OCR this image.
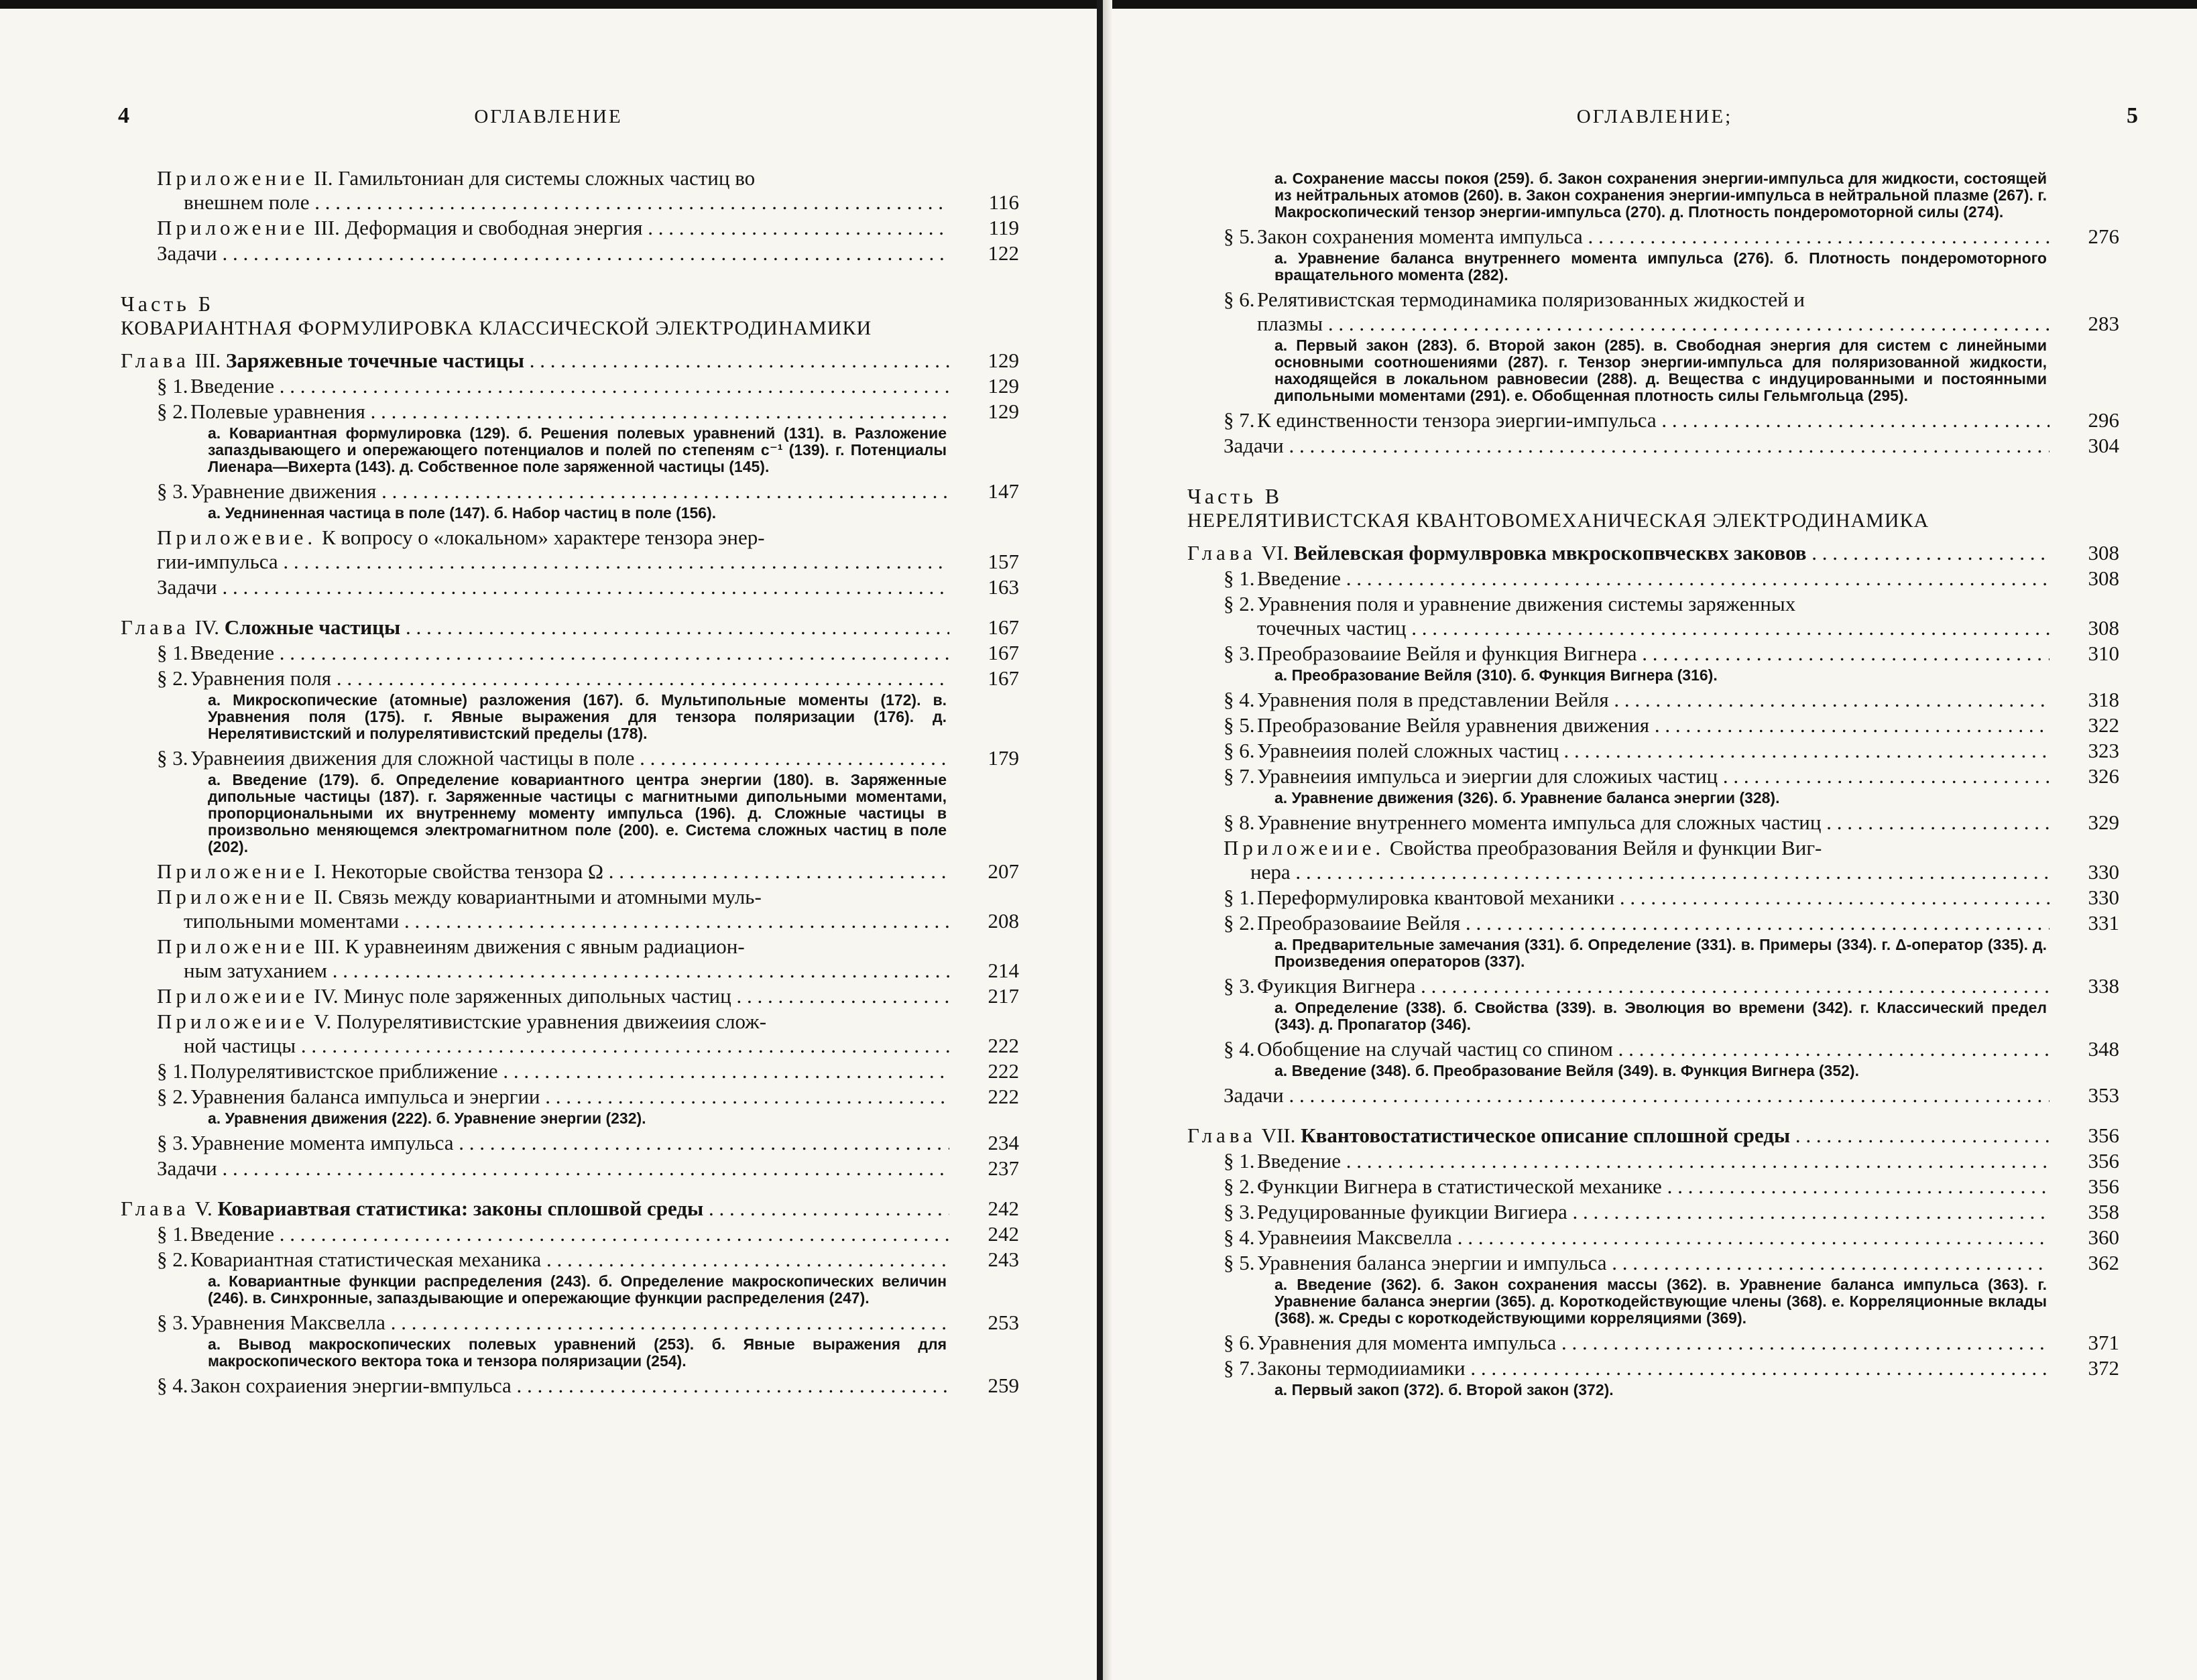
4	ОГЛАВЛЕНИЕ
Приложение II. Гамильтониан для системы сложных частиц во
внешнем поле . . .	116
Приложение III. Деформация и свободная энергия . . .	119
Задачи . . .	122
Часть Б
КОВАРИАНТНАЯ ФОРМУЛИРОВКА КЛАССИЧЕСКОЙ ЭЛЕКТРОДИНАМИКИ
Глава III. Заряжевные точечные частицы . . .	129
§ 1. Введение . . .	129
§ 2. Полевые уравнения . . .	129
а. Ковариантная формулировка (129). б. Решения полевых уравнений (131). в. Разложение запаздывающего и опережающего потенциалов и полей по степеням c⁻¹ (139). г. Потенциалы Лиенара—Вихерта (143). д. Собственное поле заряженной частицы (145).
§ 3. Уравнение движения . . .	147
а. Уедниненная частица в поле (147). б. Набор частиц в поле (156).
Приложевие. К вопросу о «локальном» характере тензора энер-
гии-импульса . . .	157
Задачи . . .	163
Глава IV. Сложные частицы . . .	167
§ 1. Введение . . .	167
§ 2. Уравнения поля . . .	167
а. Микроскопические (атомные) разложения (167). б. Мультипольные моменты (172). в. Уравнения поля (175). г. Явные выражения для тензора поляризации (176). д. Нерелятивистский и полурелятивистский пределы (178).
§ 3. Уравнеиия движения для сложной частицы в поле . . .	179
а. Введение (179). б. Определение ковариантного центра энергии (180). в. Заряженные дипольные частицы (187). г. Заряженные частицы с магнитными дипольными моментами, пропорциональными их внутреннему моменту импульса (196). д. Сложные частицы в произвольно меняющемся электромагнитном поле (200). е. Система сложных частиц в поле (202).
Приложение I. Некоторые свойства тензора Ω . . .	207
Приложение II. Связь между ковариантными и атомными муль-
типольными моментами . . .	208
Приложение III. К уравнеиням движения с явным радиацион-
ным затуханием . . .	214
Приложеиие IV. Минус поле заряженных дипольных частиц . . .	217
Приложеиие V. Полурелятивистские уравнения движеиия слож-
ной частицы . . .	222
§ 1. Полурелятивистское приближение . . .	222
§ 2. Уравнения баланса импульса и энергии . . .	222
а. Уравнения движения (222). б. Уравнение энергии (232).
§ 3. Уравнение момента импульса . . .	234
Задачи . . .	237
Глава V. Ковариавтвая статистика: законы сплошвой среды . . .	242
§ 1. Введение . . .	242
§ 2. Ковариантная статистическая механика . . .	243
а. Ковариантные функции распределения (243). б. Определение макроскопических величин (246). в. Синхронные, запаздывающие и опережающие функции распределения (247).
§ 3. Уравнения Максвелла . . .	253
а. Вывод макроскопических полевых уравнений (253). б. Явные выражения для макроскопического вектора тока и тензора поляризации (254).
§ 4. Закон сохраиения энергии-вмпульса . . .	259
ОГЛАВЛЕНИЕ;	5
а. Сохранение массы покоя (259). б. Закон сохранения энергии-импульса для жидкости, состоящей из нейтральных атомов (260). в. Закон сохранения энергии-импульса в нейтральной плазме (267). г. Макроскопический тензор энергии-импульса (270). д. Плотность пондеромоторной силы (274).
§ 5. Закон сохранения момента импульса . . .	276
а. Уравнение баланса внутреннего момента импульса (276). б. Плотность пондеромоторного вращательного момента (282).
§ 6. Релятивистская термодинамика поляризованных жидкостей и
плазмы . . .	283
а. Первый закон (283). б. Второй закон (285). в. Свободная энергия для систем с линейными основными соотношениями (287). г. Тензор энергии-импульса для поляризованной жидкости, находящейся в локальном равновесии (288). д. Вещества с индуцированными и постоянными дипольными моментами (291). е. Обобщенная плотность силы Гельмгольца (295).
§ 7. К единственности тензора эиергии-импульса . . .	296
Задачи . . .	304
Часть В
НЕРЕЛЯТИВИСТСКАЯ КВАНТОВОМЕХАНИЧЕСКАЯ ЭЛЕКТРОДИНАМИКА
Глава VI. Вейлевская формулвровка мвкроскопвческвх заковов . . .	308
§ 1. Введение . . .	308
§ 2. Уравнения поля и уравнение движения системы заряженных
точечных частиц . . .	308
§ 3. Преобразоваиие Вейля и функция Вигнера . . .	310
а. Преобразование Вейля (310). б. Функция Вигнера (316).
§ 4. Уравнения поля в представлении Вейля . . .	318
§ 5. Преобразование Вейля уравнения движения . . .	322
§ 6. Уравнеиия полей сложных частиц . . .	323
§ 7. Уравнеиия импульса и эиергии для сложиых частиц . . .	326
а. Уравнение движения (326). б. Уравнение баланса энергии (328).
§ 8. Уравнение внутреннего момента импульса для сложных частиц . . .	329
Приложеиие. Свойства преобразования Вейля и функции Виг-
нера . . .	330
§ 1. Переформулировка квантовой механики . . .	330
§ 2. Преобразоваиие Вейля . . .	331
а. Предварительные замечания (331). б. Определение (331). в. Примеры (334). г. Δ-оператор (335). д. Произведения операторов (337).
§ 3. Фуикция Вигнера . . .	338
а. Определение (338). б. Свойства (339). в. Эволюция во времени (342). г. Классический предел (343). д. Пропагатор (346).
§ 4. Обобщение на случай частиц со спином . . .	348
а. Введение (348). б. Преобразование Вейля (349). в. Функция Вигнера (352).
Задачи . . .	353
Глава VII. Квантовостатистическое описание сплошной среды . . .	356
§ 1. Введение . . .	356
§ 2. Функции Вигнера в статистической механике . . .	356
§ 3. Редуцированные фуикции Вигиера . . .	358
§ 4. Уравнеиия Максвелла . . .	360
§ 5. Уравнения баланса энергии и импульса . . .	362
а. Введение (362). б. Закон сохранения массы (362). в. Уравнение баланса импульса (363). г. Уравнение баланса энергии (365). д. Короткодействующие члены (368). е. Корреляционные вклады (368). ж. Среды с короткодействующими корреляциями (369).
§ 6. Уравнения для момента импульса . . .	371
§ 7. Законы термодииамики . . .	372
а. Первый закоп (372). б. Второй закон (372).
